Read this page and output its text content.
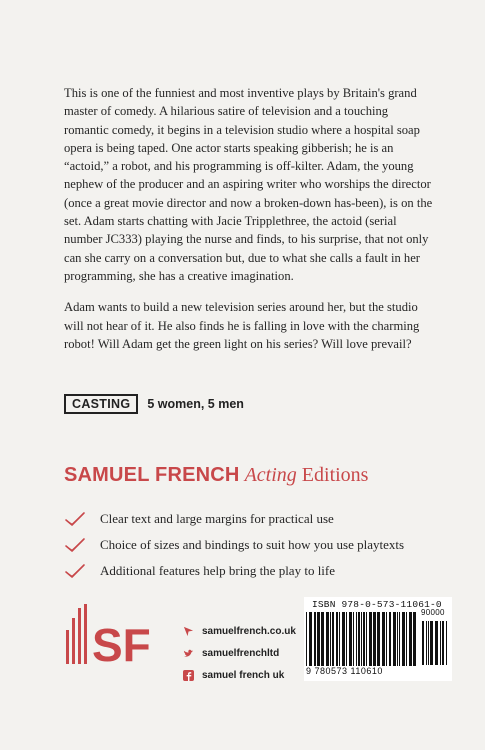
This is one of the funniest and most inventive plays by Britain's grand master of comedy. A hilarious satire of television and a touching romantic comedy, it begins in a television studio where a hospital soap opera is being taped. One actor starts speaking gibberish; he is an “actoid,” a robot, and his programming is off-kilter. Adam, the young nephew of the producer and an aspiring writer who worships the director (once a great movie director and now a broken-down has-been), is on the set. Adam starts chatting with Jacie Tripplethree, the actoid (serial number JC333) playing the nurse and finds, to his surprise, that not only can she carry on a conversation but, due to what she calls a fault in her programming, she has a creative imagination.

Adam wants to build a new television series around her, but the studio will not hear of it. He also finds he is falling in love with the charming robot! Will Adam get the green light on his series? Will love prevail?

CASTING	5 women, 5 men
SAMUEL FRENCH Acting Editions
Clear text and large margins for practical use
Choice of sizes and bindings to suit how you use playtexts
Additional features help bring the play to life
SF	samuelfrench.co.uk
samuelfrenchltd
samuel french uk
ISBN 978-0-573-11061-0
9 780573 110610
90000
